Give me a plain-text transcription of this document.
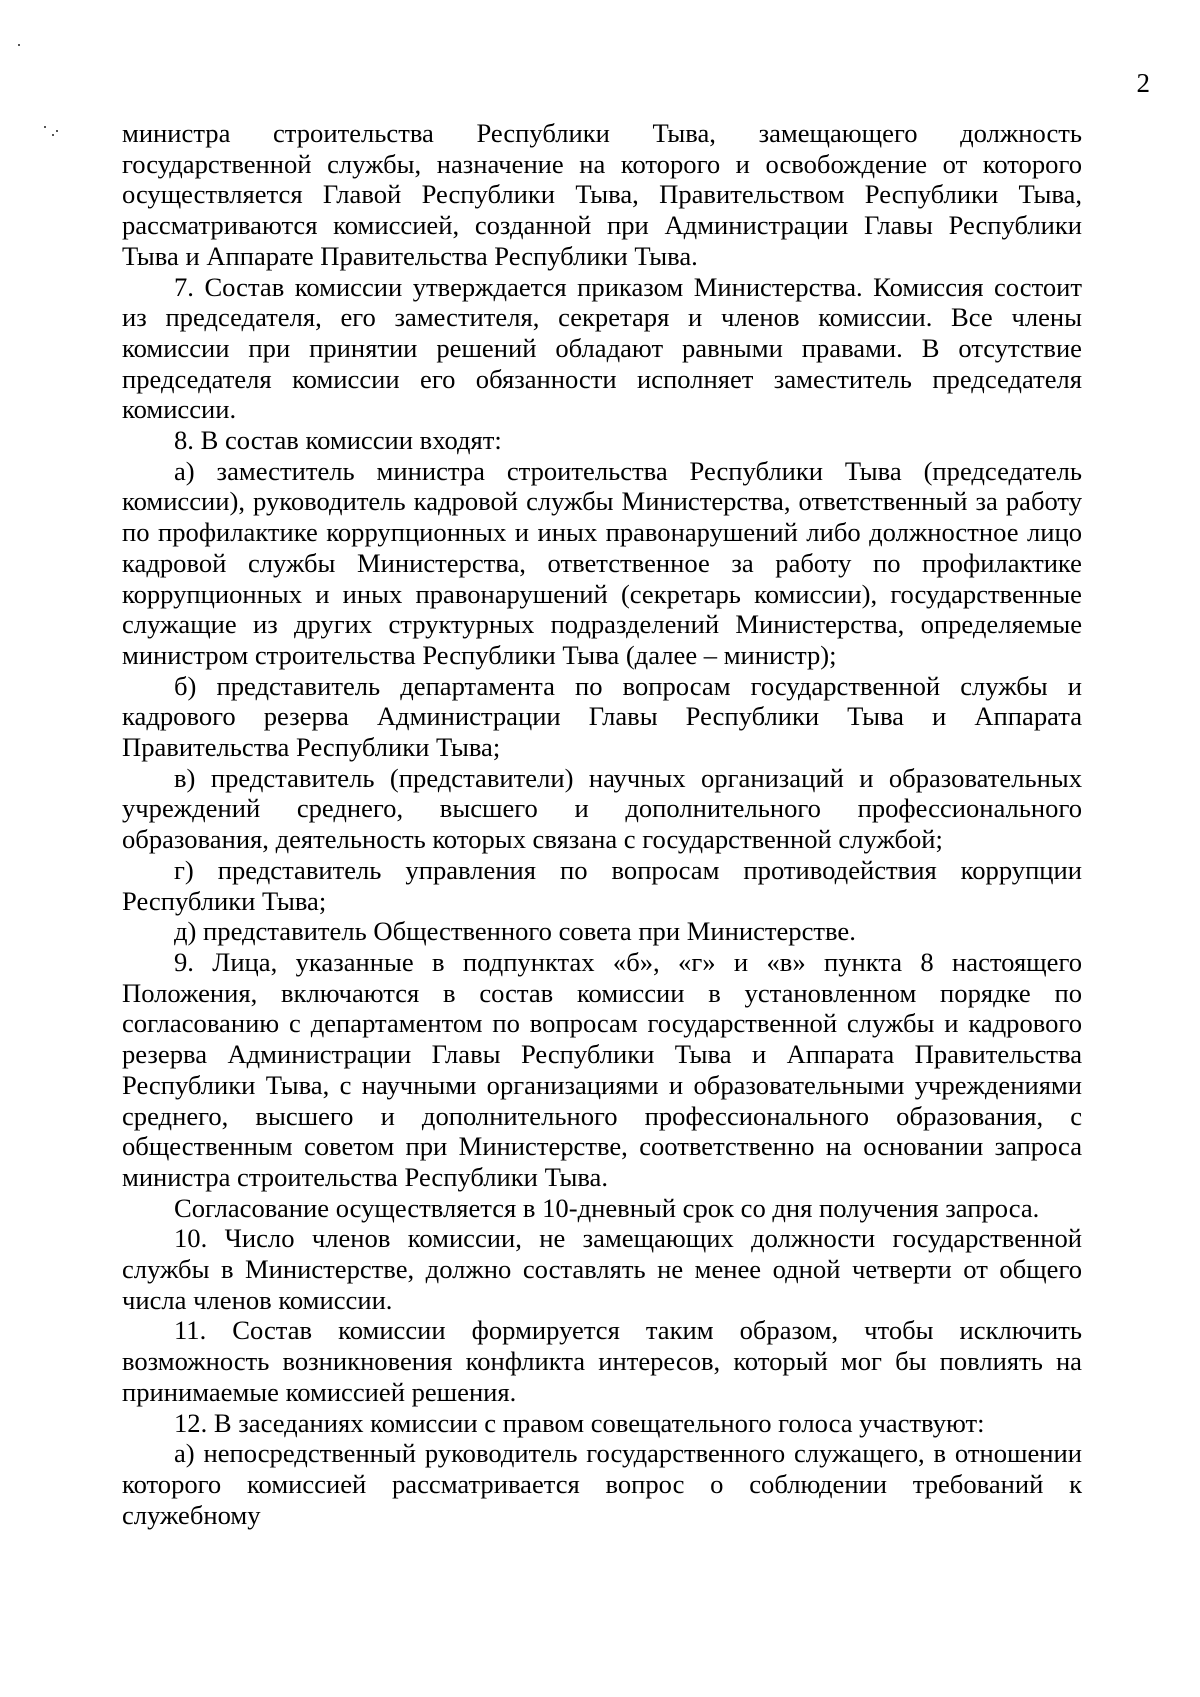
2

министра строительства Республики Тыва, замещающего должность государственной службы, назначение на которого и освобождение от которого осуществляется Главой Республики Тыва, Правительством Республики Тыва, рассматриваются комиссией, созданной при Администрации Главы Республики Тыва и Аппарате Правительства Республики Тыва.

7. Состав комиссии утверждается приказом Министерства. Комиссия состоит из председателя, его заместителя, секретаря и членов комиссии. Все члены комиссии при принятии решений обладают равными правами. В отсутствие председателя комиссии его обязанности исполняет заместитель председателя комиссии.

8. В состав комиссии входят:

а) заместитель министра строительства Республики Тыва (председатель комиссии), руководитель кадровой службы Министерства, ответственный за работу по профилактике коррупционных и иных правонарушений либо должностное лицо кадровой службы Министерства, ответственное за работу по профилактике коррупционных и иных правонарушений (секретарь комиссии), государственные служащие из других структурных подразделений Министерства, определяемые министром строительства Республики Тыва (далее – министр);

б) представитель департамента по вопросам государственной службы и кадрового резерва Администрации Главы Республики Тыва и Аппарата Правительства Республики Тыва;

в) представитель (представители) научных организаций и образовательных учреждений среднего, высшего и дополнительного профессионального образования, деятельность которых связана с государственной службой;

г) представитель управления по вопросам противодействия коррупции Республики Тыва;

д) представитель Общественного совета при Министерстве.

9. Лица, указанные в подпунктах «б», «г» и «в» пункта 8 настоящего Положения, включаются в состав комиссии в установленном порядке по согласованию с департаментом по вопросам государственной службы и кадрового резерва Администрации Главы Республики Тыва и Аппарата Правительства Республики Тыва, с научными организациями и образовательными учреждениями среднего, высшего и дополнительного профессионального образования, с общественным советом при Министерстве, соответственно на основании запроса министра строительства Республики Тыва.

Согласование осуществляется в 10-дневный срок со дня получения запроса.

10. Число членов комиссии, не замещающих должности государственной службы в Министерстве, должно составлять не менее одной четверти от общего числа членов комиссии.

11. Состав комиссии формируется таким образом, чтобы исключить возможность возникновения конфликта интересов, который мог бы повлиять на принимаемые комиссией решения.

12. В заседаниях комиссии с правом совещательного голоса участвуют:

а) непосредственный руководитель государственного служащего, в отношении которого комиссией рассматривается вопрос о соблюдении требований к служебному
